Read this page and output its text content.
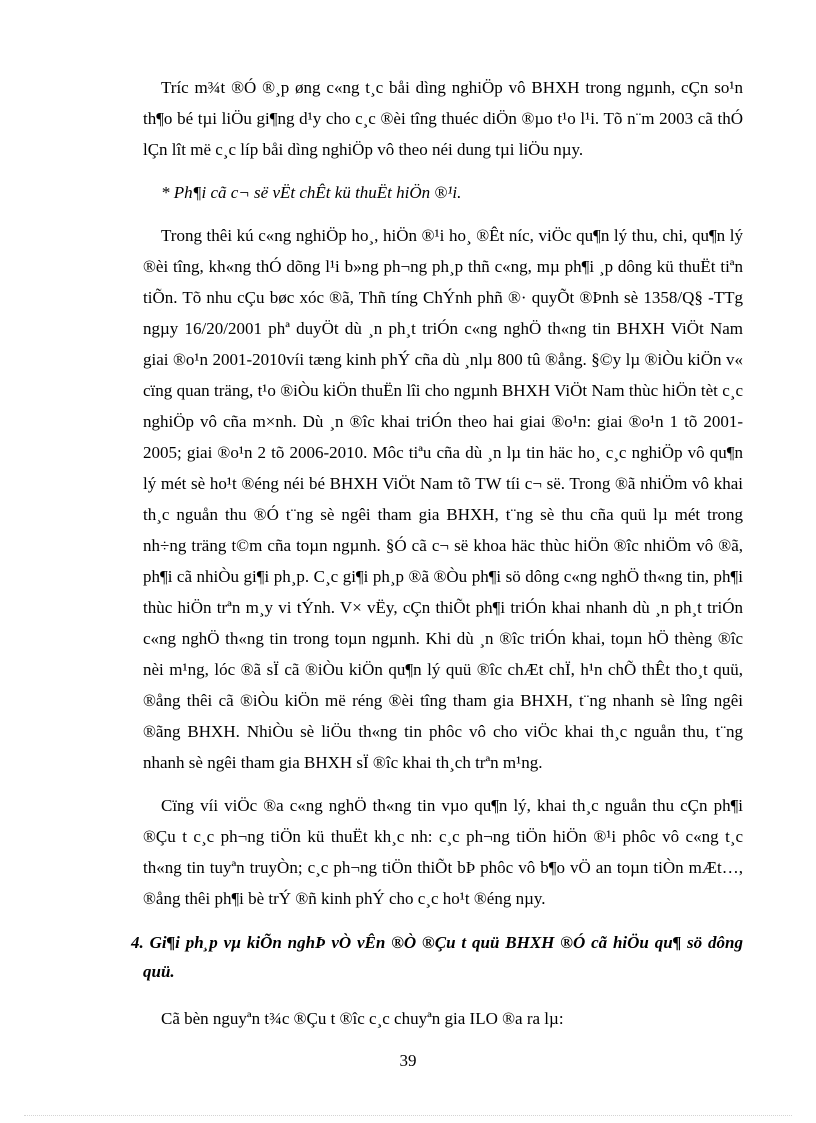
Tríc m¾t ®Ó ®¸p øng c«ng t¸c båi dìng nghiÖp vô BHXH trong ngµnh, cÇn so¹n th¶o bé tµi liÖu gi¶ng d¹y cho c¸c ®èi tîng thuéc diÖn ®µo t¹o l¹i. Tõ n¨m 2003 cã thÓ lÇn lît më c¸c líp båi dìng nghiÖp vô theo néi dung tµi liÖu nµy.

* Ph¶i cã c¬ së vËt chÊt kü thuËt hiÖn ®¹i.

Trong thêi kú c«ng nghiÖp ho¸, hiÖn ®¹i ho¸ ®Êt níc, viÖc qu¶n lý thu, chi, qu¶n lý ®èi tîng, kh«ng thÓ dõng l¹i b»ng ph¬ng ph¸p thñ c«ng, mµ ph¶i ¸p dông kü thuËt tiªn tiÕn. Tõ nhu cÇu bøc xóc ®ã, Thñ tíng ChÝnh phñ ®· quyÕt ®Þnh sè 1358/Q§ -TTg ngµy 16/20/2001 phª duyÖt dù ¸n ph¸t triÓn c«ng nghÖ th«ng tin BHXH ViÖt Nam giai ®o¹n 2001-2010víi tæng kinh phÝ cña dù ¸nlµ 800 tû ®ång. §©y lµ ®iÒu kiÖn v« cïng quan träng, t¹o ®iÒu kiÖn thuËn lîi cho ngµnh BHXH ViÖt Nam thùc hiÖn tèt c¸c nghiÖp vô cña m×nh. Dù ¸n ®îc khai triÓn theo hai giai ®o¹n: giai ®o¹n 1 tõ 2001-2005; giai ®o¹n 2 tõ 2006-2010. Môc tiªu cña dù ¸n lµ tin häc ho¸ c¸c nghiÖp vô qu¶n lý mét sè ho¹t ®éng néi bé BHXH ViÖt Nam tõ TW tíi c¬ së. Trong ®ã nhiÖm vô khai th¸c nguån thu ®Ó t¨ng sè ngêi tham gia BHXH, t¨ng sè thu cña quü lµ mét trong nh÷ng träng t©m cña toµn ngµnh. §Ó cã c¬ së khoa häc thùc hiÖn ®îc nhiÖm vô ®ã, ph¶i cã nhiÒu gi¶i ph¸p. C¸c gi¶i ph¸p ®ã ®Òu ph¶i sö dông c«ng nghÖ th«ng tin, ph¶i thùc hiÖn trªn m¸y vi tÝnh. V× vËy, cÇn thiÕt ph¶i triÓn khai nhanh dù ¸n ph¸t triÓn c«ng nghÖ th«ng tin trong toµn ngµnh. Khi dù ¸n ®îc triÓn khai, toµn hÖ thèng ®îc nèi m¹ng, lóc ®ã sÏ cã ®iÒu kiÖn qu¶n lý quü ®îc chÆt chÏ, h¹n chÕ thÊt tho¸t quü, ®ång thêi cã ®iÒu kiÖn më réng ®èi tîng tham gia BHXH, t¨ng nhanh sè lîng ngêi ®ãng BHXH. NhiÒu sè liÖu th«ng tin phôc vô cho viÖc khai th¸c nguån thu, t¨ng nhanh sè ngêi tham gia BHXH sÏ ®îc khai th¸ch trªn m¹ng.

Cïng víi viÖc ®a c«ng nghÖ th«ng tin vµo qu¶n lý, khai th¸c nguån thu cÇn ph¶i ®Çu t c¸c ph¬ng tiÖn kü thuËt kh¸c nh: c¸c ph¬ng tiÖn hiÖn ®¹i phôc vô c«ng t¸c th«ng tin tuyªn truyÒn; c¸c ph¬ng tiÖn thiÕt bÞ phôc vô b¶o vÖ an toµn tiÒn mÆt…, ®ång thêi ph¶i bè trÝ ®ñ kinh phÝ cho c¸c ho¹t ®éng nµy.

4. Gi¶i ph¸p vµ kiÕn nghÞ vÒ vÊn ®Ò ®Çu t quü BHXH ®Ó cã hiÖu qu¶ sö dông quü.

Cã bèn nguyªn t¾c ®Çu t ®îc c¸c chuyªn gia ILO ®a ra lµ:

39
